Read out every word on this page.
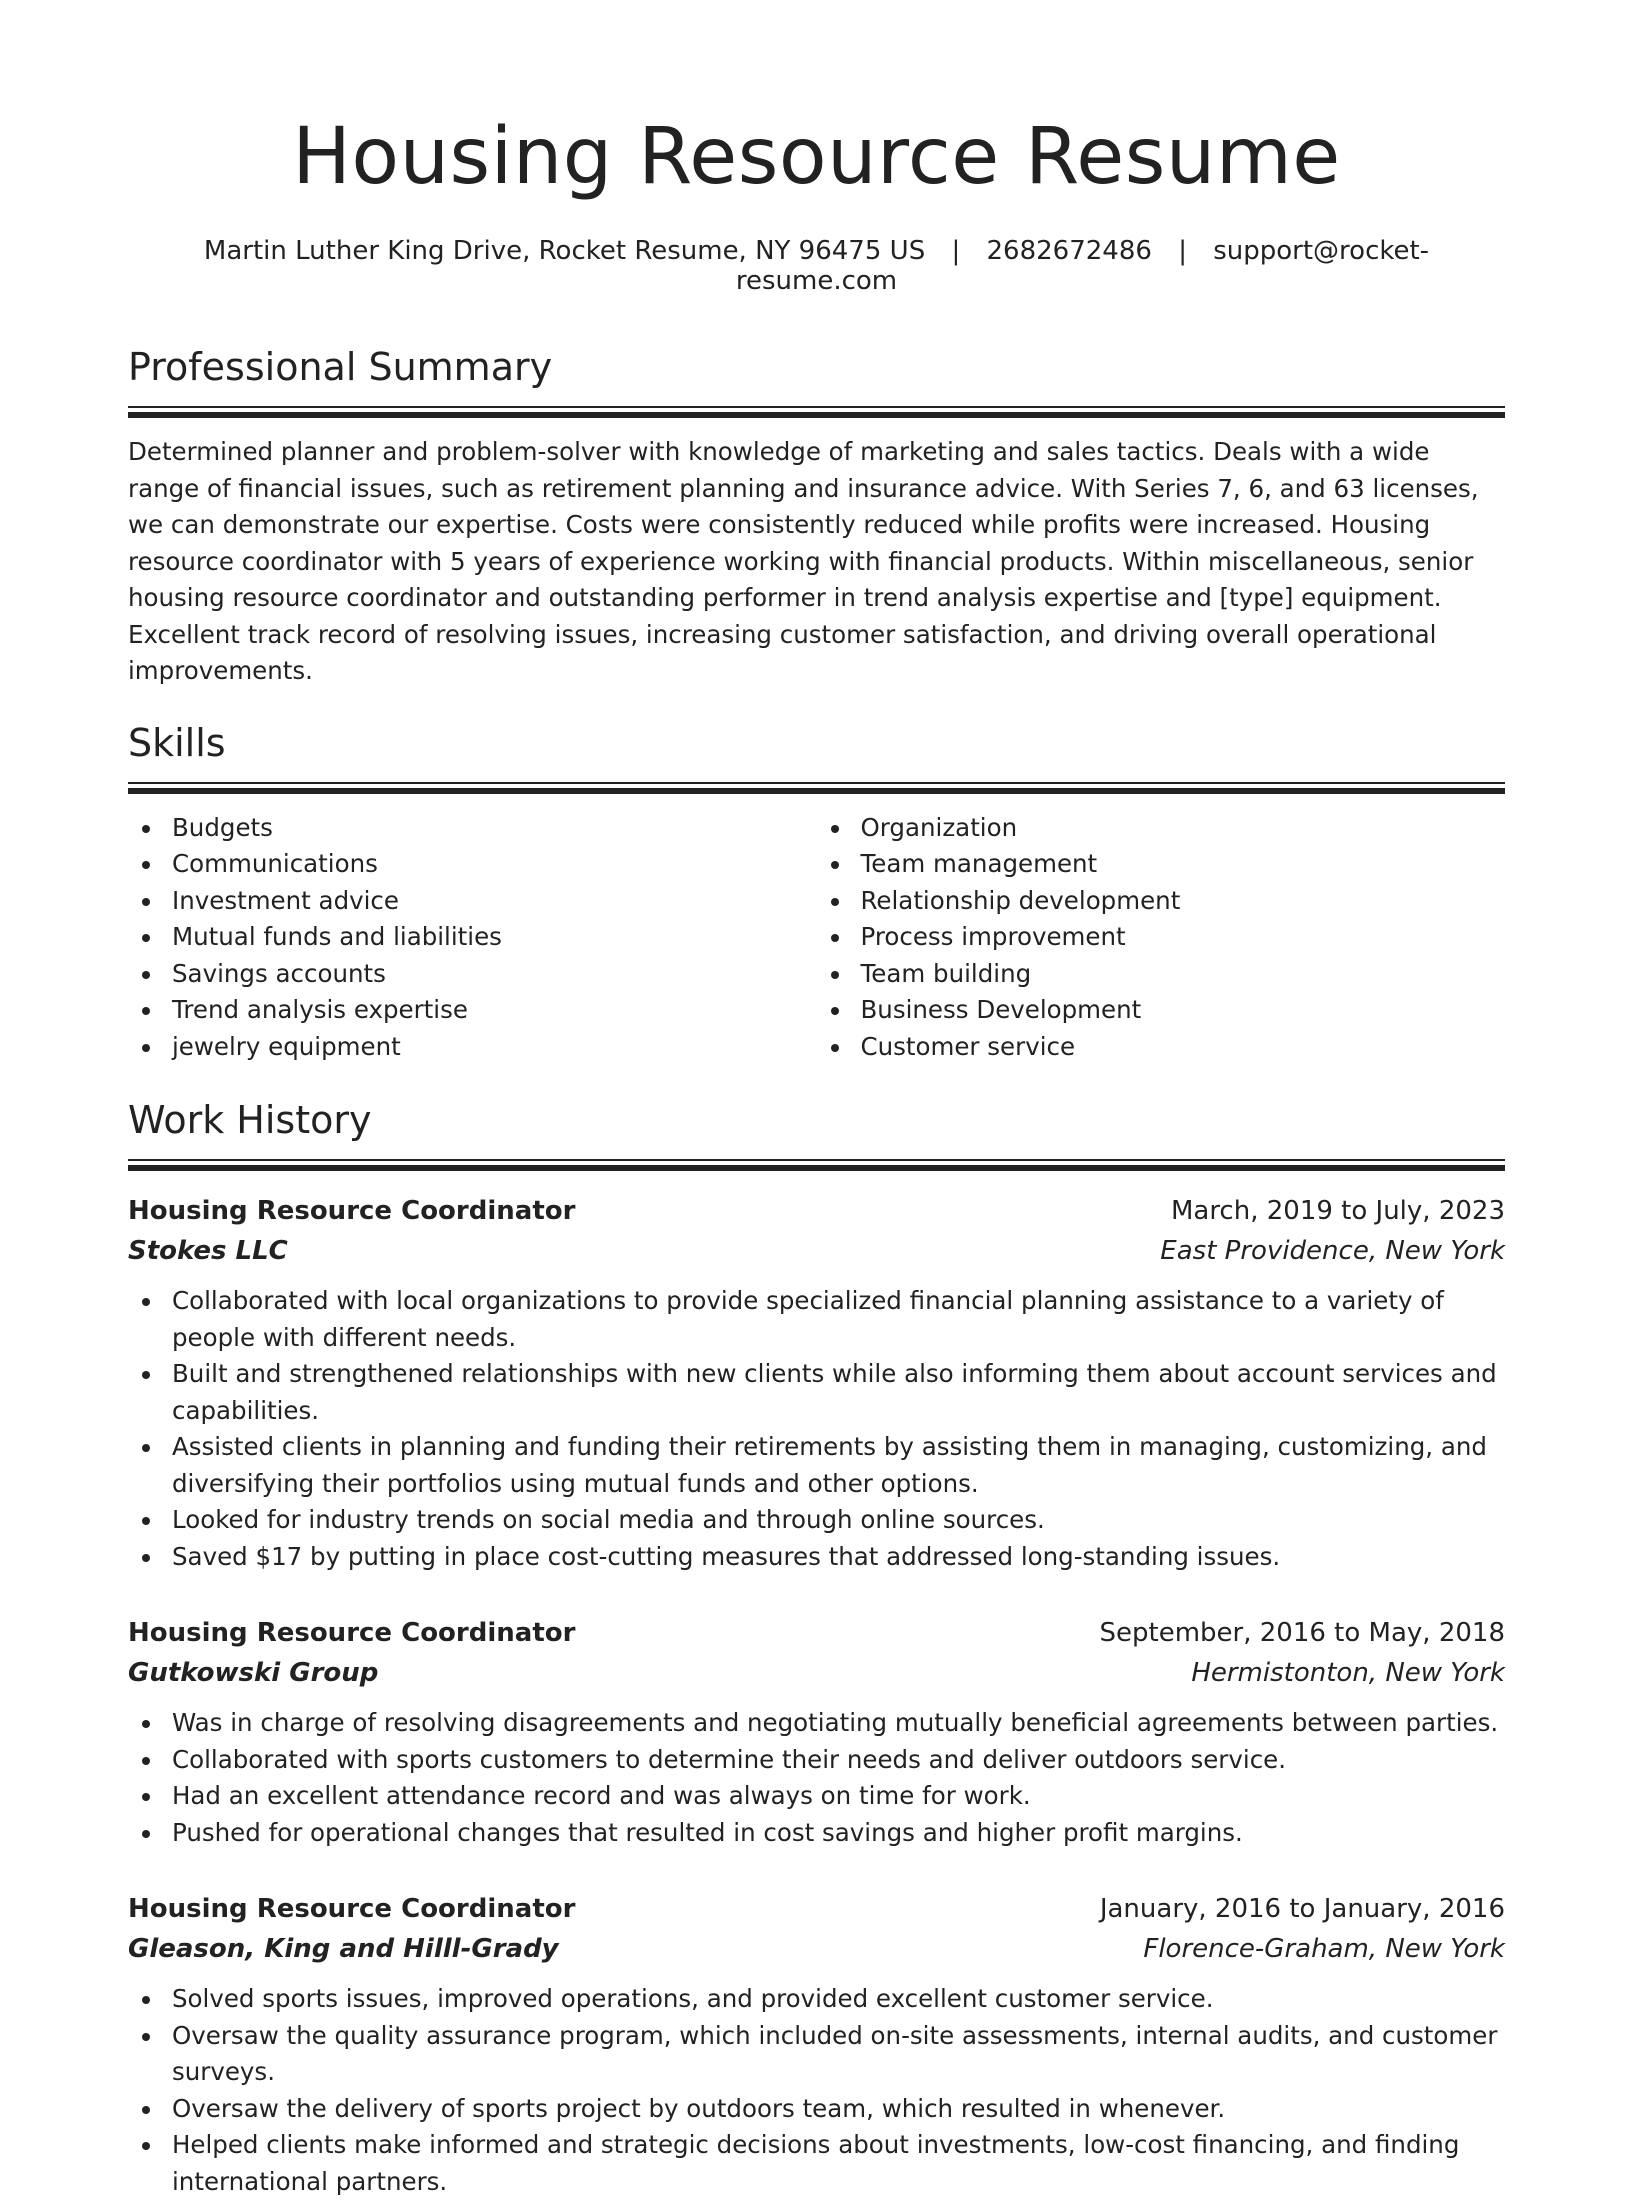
Housing Resource Resume
Martin Luther King Drive, Rocket Resume, NY 96475 US | 2682672486 | support@rocket-resume.com
Professional Summary

Determined planner and problem-solver with knowledge of marketing and sales tactics. Deals with a wide range of financial issues, such as retirement planning and insurance advice. With Series 7, 6, and 63 licenses, we can demonstrate our expertise. Costs were consistently reduced while profits were increased. Housing resource coordinator with 5 years of experience working with financial products. Within miscellaneous, senior housing resource coordinator and outstanding performer in trend analysis expertise and [type] equipment. Excellent track record of resolving issues, increasing customer satisfaction, and driving overall operational improvements.

Skills
Budgets
Communications
Investment advice
Mutual funds and liabilities
Savings accounts
Trend analysis expertise
jewelry equipment
Organization
Team management
Relationship development
Process improvement
Team building
Business Development
Customer service
Work History
Housing Resource Coordinator	March, 2019 to July, 2023
Stokes LLC	East Providence, New York
Collaborated with local organizations to provide specialized financial planning assistance to a variety of people with different needs.
Built and strengthened relationships with new clients while also informing them about account services and capabilities.
Assisted clients in planning and funding their retirements by assisting them in managing, customizing, and diversifying their portfolios using mutual funds and other options.
Looked for industry trends on social media and through online sources.
Saved $17 by putting in place cost-cutting measures that addressed long-standing issues.
Housing Resource Coordinator	September, 2016 to May, 2018
Gutkowski Group	Hermistonton, New York
Was in charge of resolving disagreements and negotiating mutually beneficial agreements between parties.
Collaborated with sports customers to determine their needs and deliver outdoors service.
Had an excellent attendance record and was always on time for work.
Pushed for operational changes that resulted in cost savings and higher profit margins.
Housing Resource Coordinator	January, 2016 to January, 2016
Gleason, King and Hilll-Grady	Florence-Graham, New York
Solved sports issues, improved operations, and provided excellent customer service.
Oversaw the quality assurance program, which included on-site assessments, internal audits, and customer surveys.
Oversaw the delivery of sports project by outdoors team, which resulted in whenever.
Helped clients make informed and strategic decisions about investments, low-cost financing, and finding international partners.
